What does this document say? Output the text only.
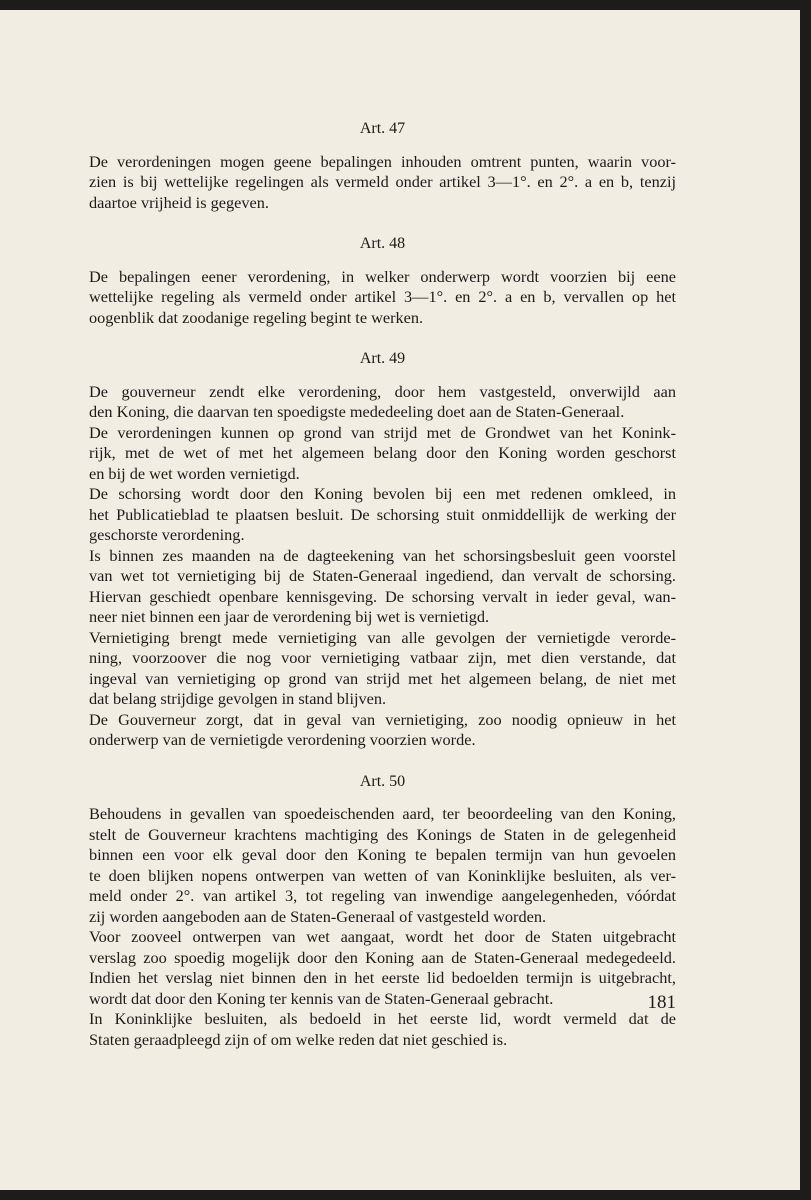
Art. 47

De verordeningen mogen geene bepalingen inhouden omtrent punten, waarin voor-
zien is bij wettelijke regelingen als vermeld onder artikel 3—1°. en 2°. a en b, tenzij
daartoe vrijheid is gegeven.

Art. 48

De bepalingen eener verordening, in welker onderwerp wordt voorzien bij eene
wettelijke regeling als vermeld onder artikel 3—1°. en 2°. a en b, vervallen op het
oogenblik dat zoodanige regeling begint te werken.

Art. 49

De gouverneur zendt elke verordening, door hem vastgesteld, onverwijld aan
den Koning, die daarvan ten spoedigste mededeeling doet aan de Staten-Generaal.
De verordeningen kunnen op grond van strijd met de Grondwet van het Konink-
rijk, met de wet of met het algemeen belang door den Koning worden geschorst
en bij de wet worden vernietigd.
De schorsing wordt door den Koning bevolen bij een met redenen omkleed, in
het Publicatieblad te plaatsen besluit. De schorsing stuit onmiddellijk de werking der
geschorste verordening.
Is binnen zes maanden na de dagteekening van het schorsingsbesluit geen voorstel
van wet tot vernietiging bij de Staten-Generaal ingediend, dan vervalt de schorsing.
Hiervan geschiedt openbare kennisgeving. De schorsing vervalt in ieder geval, wan-
neer niet binnen een jaar de verordening bij wet is vernietigd.
Vernietiging brengt mede vernietiging van alle gevolgen der vernietigde verorde-
ning, voorzoover die nog voor vernietiging vatbaar zijn, met dien verstande, dat
ingeval van vernietiging op grond van strijd met het algemeen belang, de niet met
dat belang strijdige gevolgen in stand blijven.
De Gouverneur zorgt, dat in geval van vernietiging, zoo noodig opnieuw in het
onderwerp van de vernietigde verordening voorzien worde.

Art. 50

Behoudens in gevallen van spoedeischenden aard, ter beoordeeling van den Koning,
stelt de Gouverneur krachtens machtiging des Konings de Staten in de gelegenheid
binnen een voor elk geval door den Koning te bepalen termijn van hun gevoelen
te doen blijken nopens ontwerpen van wetten of van Koninklijke besluiten, als ver-
meld onder 2°. van artikel 3, tot regeling van inwendige aangelegenheden, vóórdat
zij worden aangeboden aan de Staten-Generaal of vastgesteld worden.
Voor zooveel ontwerpen van wet aangaat, wordt het door de Staten uitgebracht
verslag zoo spoedig mogelijk door den Koning aan de Staten-Generaal medegedeeld.
Indien het verslag niet binnen den in het eerste lid bedoelden termijn is uitgebracht,
wordt dat door den Koning ter kennis van de Staten-Generaal gebracht.
In Koninklijke besluiten, als bedoeld in het eerste lid, wordt vermeld dat de
Staten geraadpleegd zijn of om welke reden dat niet geschied is.
181
